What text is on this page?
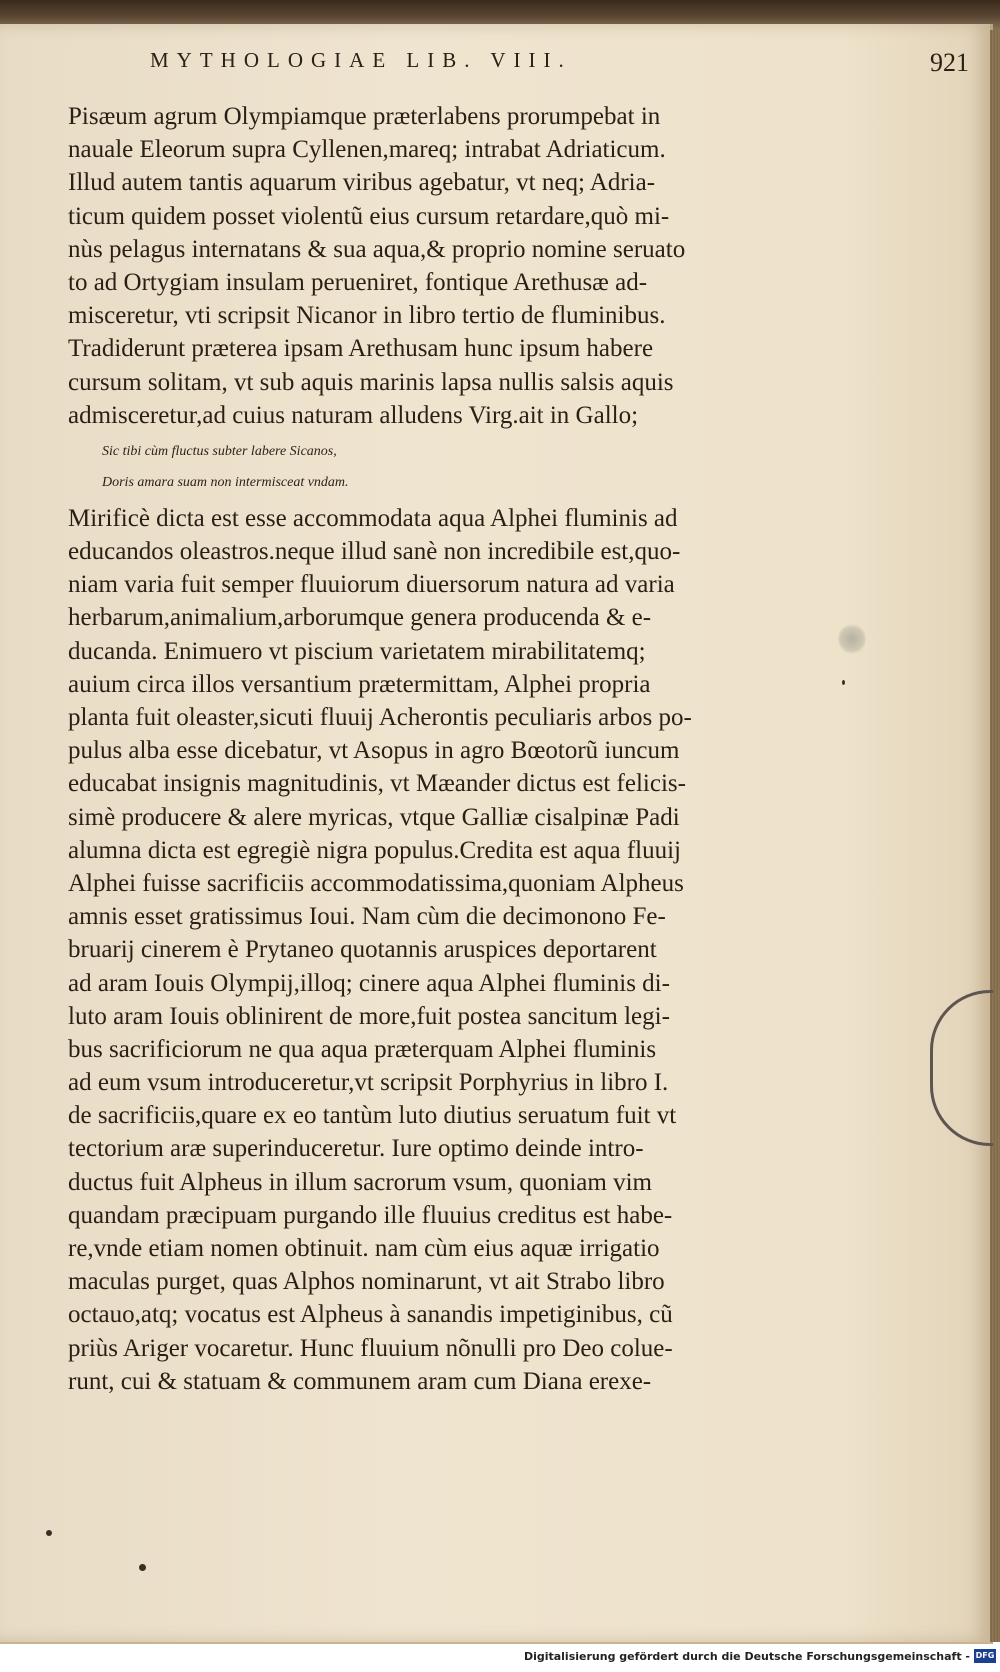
MYTHOLOGIAE LIB. VIII.	921
Pisæum agrum Olympiamque præterlabens prorumpebat in
nauale Eleorum supra Cyllenen,mareq; intrabat Adriaticum.
Illud autem tantis aquarum viribus agebatur, vt neq; Adria-
ticum quidem posset violentũ eius cursum retardare,quò mi-
nùs pelagus internatans & sua aqua,& proprio nomine seruato
to ad Ortygiam insulam perueniret, fontique Arethusæ ad-
misceretur, vti scripsit Nicanor in libro tertio de fluminibus.
Tradiderunt præterea ipsam Arethusam hunc ipsum habere
cursum solitam, vt sub aquis marinis lapsa nullis salsis aquis
admisceretur,ad cuius naturam alludens Virg.ait in Gallo;
Sic tibi cùm fluctus subter labere Sicanos,
Doris amara suam non intermisceat vndam.
Mirificè dicta est esse accommodata aqua Alphei fluminis ad
educandos oleastros.neque illud sanè non incredibile est,quo-
niam varia fuit semper fluuiorum diuersorum natura ad varia
herbarum,animalium,arborumque genera producenda & e-
ducanda. Enimuero vt piscium varietatem mirabilitatemq;
auium circa illos versantium prætermittam, Alphei propria
planta fuit oleaster,sicuti fluuij Acherontis peculiaris arbos po-
pulus alba esse dicebatur, vt Asopus in agro Bœotorũ iuncum
educabat insignis magnitudinis, vt Mæander dictus est felicis-
simè producere & alere myricas, vtque Galliæ cisalpinæ Padi
alumna dicta est egregiè nigra populus.Credita est aqua fluuij
Alphei fuisse sacrificiis accommodatissima,quoniam Alpheus
amnis esset gratissimus Ioui. Nam cùm die decimonono Fe-
bruarij cinerem è Prytaneo quotannis aruspices deportarent
ad aram Iouis Olympij,illoq; cinere aqua Alphei fluminis di-
luto aram Iouis oblinirent de more,fuit postea sancitum legi-
bus sacrificiorum ne qua aqua præterquam Alphei fluminis
ad eum vsum introduceretur,vt scripsit Porphyrius in libro I.
de sacrificiis,quare ex eo tantùm luto diutius seruatum fuit vt
tectorium aræ superinduceretur. Iure optimo deinde intro-
ductus fuit Alpheus in illum sacrorum vsum, quoniam vim
quandam præcipuam purgando ille fluuius creditus est habe-
re,vnde etiam nomen obtinuit. nam cùm eius aquæ irrigatio
maculas purget, quas Alphos nominarunt, vt ait Strabo libro
octauo,atq; vocatus est Alpheus à sanandis impetiginibus, cũ
priùs Ariger vocaretur. Hunc fluuium nõnulli pro Deo colue-
runt, cui & statuam & communem aram cum Diana erexe-
Digitalisierung gefördert durch die Deutsche Forschungsgemeinschaft - DFG
